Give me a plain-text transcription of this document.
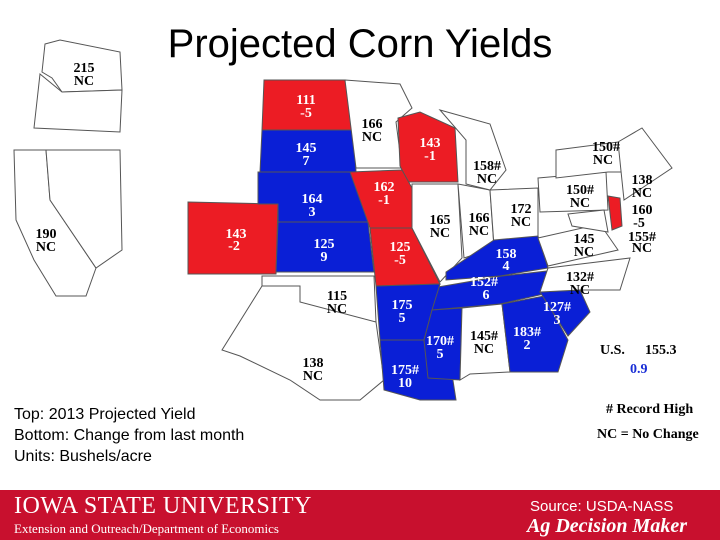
215
NC
190
NC
143
-2
111
-5
145
7
164
3
125
9
115
NC
138
NC
166
NC	143
-1
162
-1
125
-5
165
NC
166
NC
158#
NC
172
NC
158
4
152#
6
175
5
175#
10
170#
5
145#
NC
183#
2
127#
3
132#
NC
145
NC
150#
NC
150#
NC
138
NC
160
-5
155#
NC
Projected Corn Yields
U.S. 155.3
0.9
Top: 2013 Projected Yield
Bottom: Change from last month
Units: Bushels/acre
# Record High
NC = No Change
IOWA STATE UNIVERSITY
Extension and Outreach/Department of Economics
Source: USDA-NASS
Ag Decision Maker
